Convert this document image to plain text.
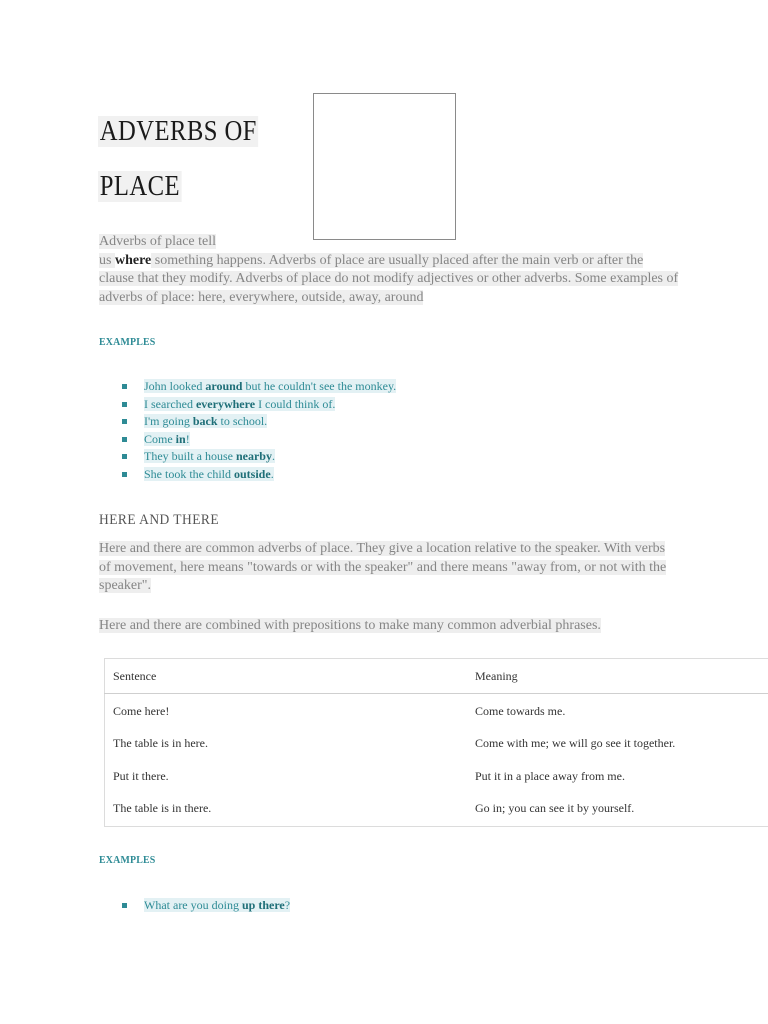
ADVERBS OF
PLACE
Adverbs of place tell
us where something happens. Adverbs of place are usually placed after the main verb or after the clause that they modify. Adverbs of place do not modify adjectives or other adverbs. Some examples of adverbs of place: here, everywhere, outside, away, around
EXAMPLES
John looked around but he couldn't see the monkey.
I searched everywhere I could think of.
I'm going back to school.
Come in!
They built a house nearby.
She took the child outside.
HERE AND THERE
Here and there are common adverbs of place. They give a location relative to the speaker. With verbs of movement, here means "towards or with the speaker" and there means "away from, or not with the speaker".
Here and there are combined with prepositions to make many common adverbial phrases.
Sentence	Meaning
Come here!	Come towards me.
The table is in here.	Come with me; we will go see it together.
Put it there.	Put it in a place away from me.
The table is in there.	Go in; you can see it by yourself.
EXAMPLES
What are you doing up there?
